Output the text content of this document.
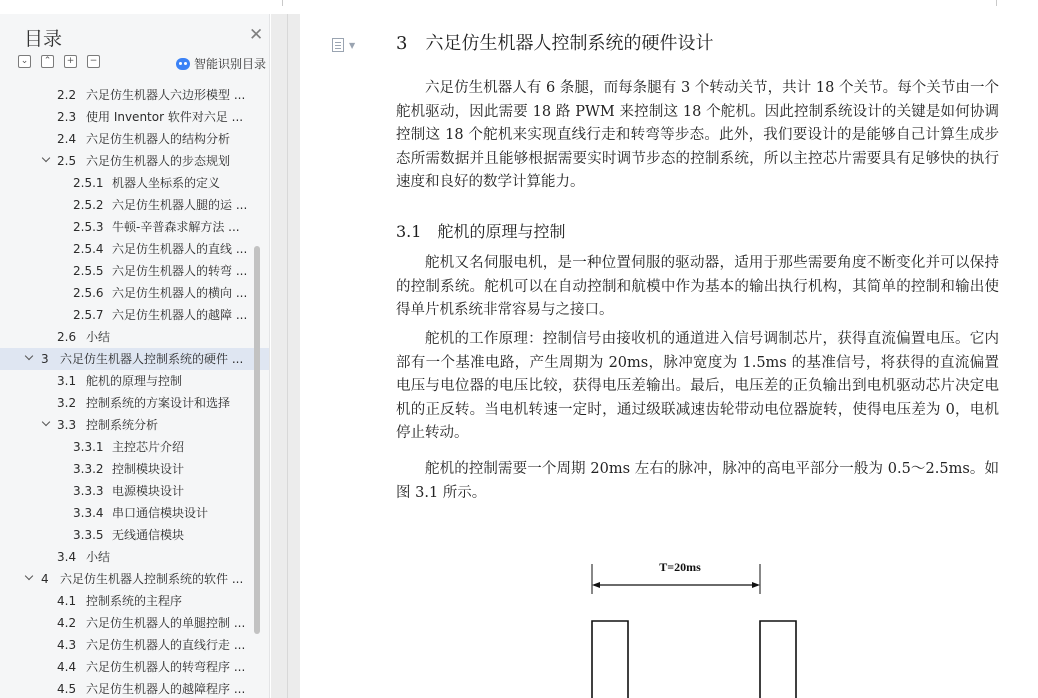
目录	✕
⌄	⌃	+	−	智能识别目录
2.2 六足仿生机器人六边形模型 ...
2.3 使用 Inventor 软件对六足 ...
2.4 六足仿生机器人的结构分析
2.5 六足仿生机器人的步态规划
2.5.1 机器人坐标系的定义
2.5.2 六足仿生机器人腿的运 ...
2.5.3 牛顿-辛普森求解方法 ...
2.5.4 六足仿生机器人的直线 ...
2.5.5 六足仿生机器人的转弯 ...
2.5.6 六足仿生机器人的横向 ...
2.5.7 六足仿生机器人的越障 ...
2.6 小结
3 六足仿生机器人控制系统的硬件 ...
3.1 舵机的原理与控制
3.2 控制系统的方案设计和选择
3.3 控制系统分析
3.3.1 主控芯片介绍
3.3.2 控制模块设计
3.3.3 电源模块设计
3.3.4 串口通信模块设计
3.3.5 无线通信模块
3.4 小结
4 六足仿生机器人控制系统的软件 ...
4.1 控制系统的主程序
4.2 六足仿生机器人的单腿控制 ...
4.3 六足仿生机器人的直线行走 ...
4.4 六足仿生机器人的转弯程序 ...
4.5 六足仿生机器人的越障程序 ...
▼ 3 六足仿生机器人控制系统的硬件设计
六足仿生机器人有 6 条腿，而每条腿有 3 个转动关节，共计 18 个关节。每个关节由一个舵机驱动，因此需要 18 路 PWM 来控制这 18 个舵机。因此控制系统设计的关键是如何协调控制这 18 个舵机来实现直线行走和转弯等步态。此外，我们要设计的是能够自己计算生成步态所需数据并且能够根据需要实时调节步态的控制系统，所以主控芯片需要具有足够快的执行速度和良好的数学计算能力。
3.1 舵机的原理与控制
舵机又名伺服电机，是一种位置伺服的驱动器，适用于那些需要角度不断变化并可以保持的控制系统。舵机可以在自动控制和航模中作为基本的输出执行机构，其简单的控制和输出使得单片机系统非常容易与之接口。
舵机的工作原理：控制信号由接收机的通道进入信号调制芯片，获得直流偏置电压。它内部有一个基准电路，产生周期为 20ms，脉冲宽度为 1.5ms 的基准信号，将获得的直流偏置电压与电位器的电压比较，获得电压差输出。最后，电压差的正负输出到电机驱动芯片决定电机的正反转。当电机转速一定时，通过级联减速齿轮带动电位器旋转，使得电压差为 0，电机停止转动。
舵机的控制需要一个周期 20ms 左右的脉冲，脉冲的高电平部分一般为 0.5～2.5ms。如图 3.1 所示。
T=20ms
